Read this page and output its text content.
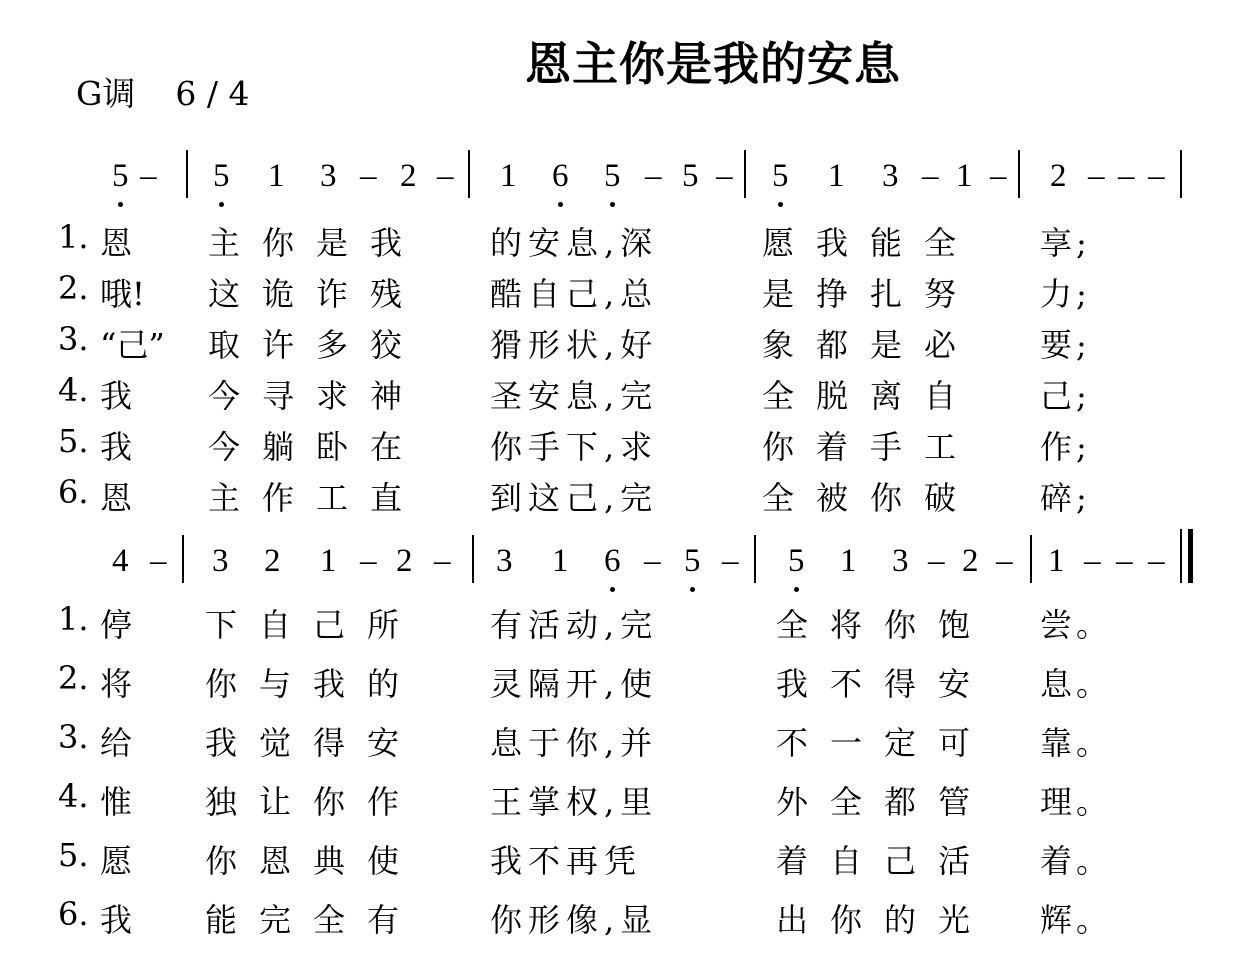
恩主你是我的安息
G调 6 / 4
5 – 5 1 3 – 2 – 1 6 5 – 5 – 5 1 3 – 1 – 2 – – –
1. 恩 主你是我 的安息,深	愿我能全 享;
2. 哦! 这诡诈残 酷自己,总	是挣扎努 力;
3. “己” 取许多狡 猾形状,好	象都是必 要;
4. 我 今寻求神 圣安息,完	全脱离自 己;
5. 我 今躺卧在 你手下,求	你着手工 作;
6. 恩 主作工直 到这己,完	全被你破 碎;
4 – 3 2 1 – 2 – 3 1 6 – 5 – 5 1 3 – 2 – 1 – – –
1. 停 下自己所 有活动,完	全将你饱 尝。
2. 将 你与我的 灵隔开,使	我不得安 息。
3. 给 我觉得安 息于你,并	不一定可 靠。
4. 惟 独让你作 王掌权,里	外全都管 理。
5. 愿 你恩典使 我不再凭	着自己活 着。
6. 我 能完全有 你形像,显	出你的光 辉。
